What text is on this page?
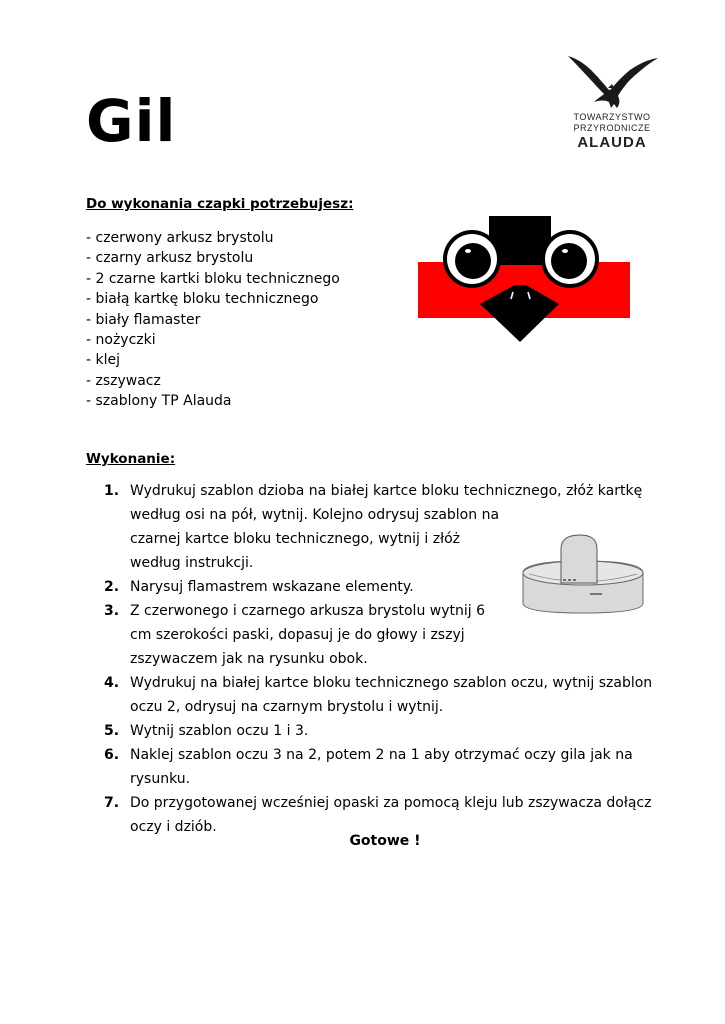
Gil	TOWARZYSTWO
PRZYRODNICZE
ALAUDA
Do wykonania czapki potrzebujesz:
- czerwony arkusz brystolu
- czarny arkusz brystolu
- 2 czarne kartki bloku technicznego
- białą kartkę bloku technicznego
- biały flamaster
- nożyczki
- klej
- zszywacz
- szablony TP Alauda
Wykonanie:
1. Wydrukuj szablon dzioba na białej kartce bloku technicznego, złóż kartkę
według osi na pół, wytnij. Kolejno odrysuj szablon na
czarnej kartce bloku technicznego, wytnij i złóż
według instrukcji.
2. Narysuj flamastrem wskazane elementy.
3. Z czerwonego i czarnego arkusza brystolu wytnij 6
cm szerokości paski, dopasuj je do głowy i zszyj
zszywaczem jak na rysunku obok.
4. Wydrukuj na białej kartce bloku technicznego szablon oczu, wytnij szablon
oczu 2, odrysuj na czarnym brystolu i wytnij.
5. Wytnij szablon oczu 1 i 3.
6. Naklej szablon oczu 3 na 2, potem 2 na 1 aby otrzymać oczy gila jak na
rysunku.
7. Do przygotowanej wcześniej opaski za pomocą kleju lub zszywacza dołącz
oczy i dziób.
Gotowe !
